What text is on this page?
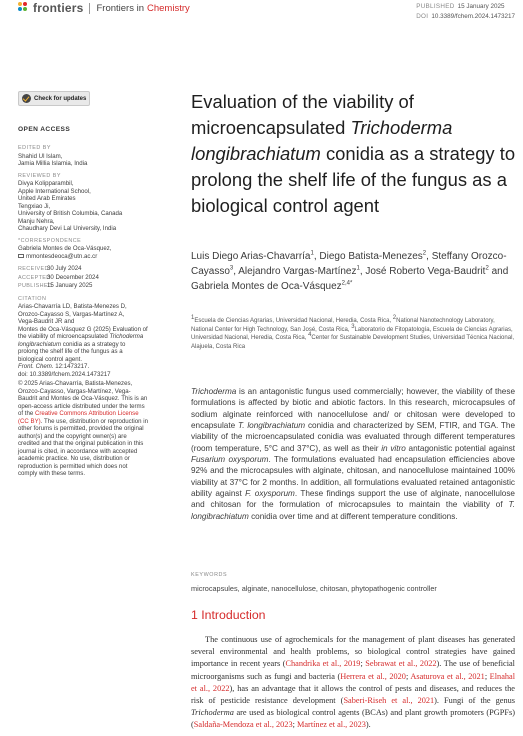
frontiers Frontiers in Chemistry	PUBLISHED 15 January 2025
DOI 10.3389/fchem.2024.1473217
Check for updates
OPEN ACCESS
EDITED BY
Shahid Ul Islam,
Jamia Millia Islamia, India
REVIEWED BY
Divya Kolipparambil,
Apple International School,
United Arab Emirates
Tengxiao Ji,
University of British Columbia, Canada
Manju Nehra,
Chaudhary Devi Lal University, India
*CORRESPONDENCE
Gabriela Montes de Oca-Vásquez,
mmontesdeoca@utn.ac.cr
RECEIVED30 July 2024
ACCEPTED30 December 2024
PUBLISHED15 January 2025
CITATION
Arias-Chavarría LD, Batista-Menezes D,
Orozco-Cayasso S, Vargas-Martínez A,
Vega-Baudrit JR and
Montes de Oca-Vásquez G (2025) Evaluation of
the viability of microencapsulated Trichoderma
longibrachiatum conidia as a strategy to
prolong the shelf life of the fungus as a
biological control agent.
Front. Chem. 12:1473217.
doi: 10.3389/fchem.2024.1473217
© 2025 Arias-Chavarría, Batista-Menezes,
Orozco-Cayasso, Vargas-Martínez, Vega-
Baudrit and Montes de Oca-Vásquez. This is an
open-access article distributed under the terms
of the Creative Commons Attribution License
(CC BY). The use, distribution or reproduction in
other forums is permitted, provided the original
author(s) and the copyright owner(s) are
credited and that the original publication in this
journal is cited, in accordance with accepted
academic practice. No use, distribution or
reproduction is permitted which does not
comply with these terms.
Evaluation of the viability of microencapsulated Trichoderma longibrachiatum conidia as a strategy to prolong the shelf life of the fungus as a biological control agent
Luis Diego Arias-Chavarría$^1$, Diego Batista-Menezes$^2$, Steffany Orozco-Cayasso$^3$, Alejandro Vargas-Martínez$^1$, José Roberto Vega-Baudrit$^2$ and Gabriela Montes de Oca-Vásquez$^{2,4*}$
$^1$Escuela de Ciencias Agrarias, Universidad Nacional, Heredia, Costa Rica, $^2$National Nanotechnology Laboratory, National Center for High Technology, San José, Costa Rica, $^3$Laboratorio de Fitopatología, Escuela de Ciencias Agrarias, Universidad Nacional, Heredia, Costa Rica, $^4$Center for Sustainable Development Studies, Universidad Técnica Nacional, Alajuela, Costa Rica
Trichoderma is an antagonistic fungus used commercially; however, the viability of these formulations is affected by biotic and abiotic factors. In this research, microcapsules of sodium alginate reinforced with nanocellulose and/ or chitosan were developed to encapsulate T. longibrachiatum conidia and characterized by SEM, FTIR, and TGA. The viability of the microencapsulated conidia was evaluated through different temperatures (room temperature, 5°C and 37°C), as well as their in vitro antagonistic potential against Fusarium oxysporum. The formulations evaluated had encapsulation efficiencies above 92% and the microcapsules with alginate, chitosan, and nanocellulose maintained 100% viability at 37°C for 2 months. In addition, all formulations evaluated retained antagonistic ability against F. oxysporum. These findings support the use of alginate, nanocellulose and chitosan for the formulation of microcapsules to maintain the viability of T. longibrachiatum conidia over time and at different temperature conditions.
KEYWORDS
microcapsules, alginate, nanocellulose, chitosan, phytopathogenic controller
1 Introduction
The continuous use of agrochemicals for the management of plant diseases has generated several environmental and health problems, so biological control strategies have gained importance in recent years (Chandrika et al., 2019; Sebrawat et al., 2022). The use of beneficial microorganisms such as fungi and bacteria (Herrera et al., 2020; Asaturova et al., 2021; Elnahal et al., 2022), has an advantage that it allows the control of pests and diseases, and reduces the risk of pesticide resistance development (Saberi-Riseh et al., 2021). Fungi of the genus Trichoderma are used as biological control agents (BCAs) and plant growth promoters (PGPFs) (Saldaña-Mendoza et al., 2023; Martínez et al., 2023).
